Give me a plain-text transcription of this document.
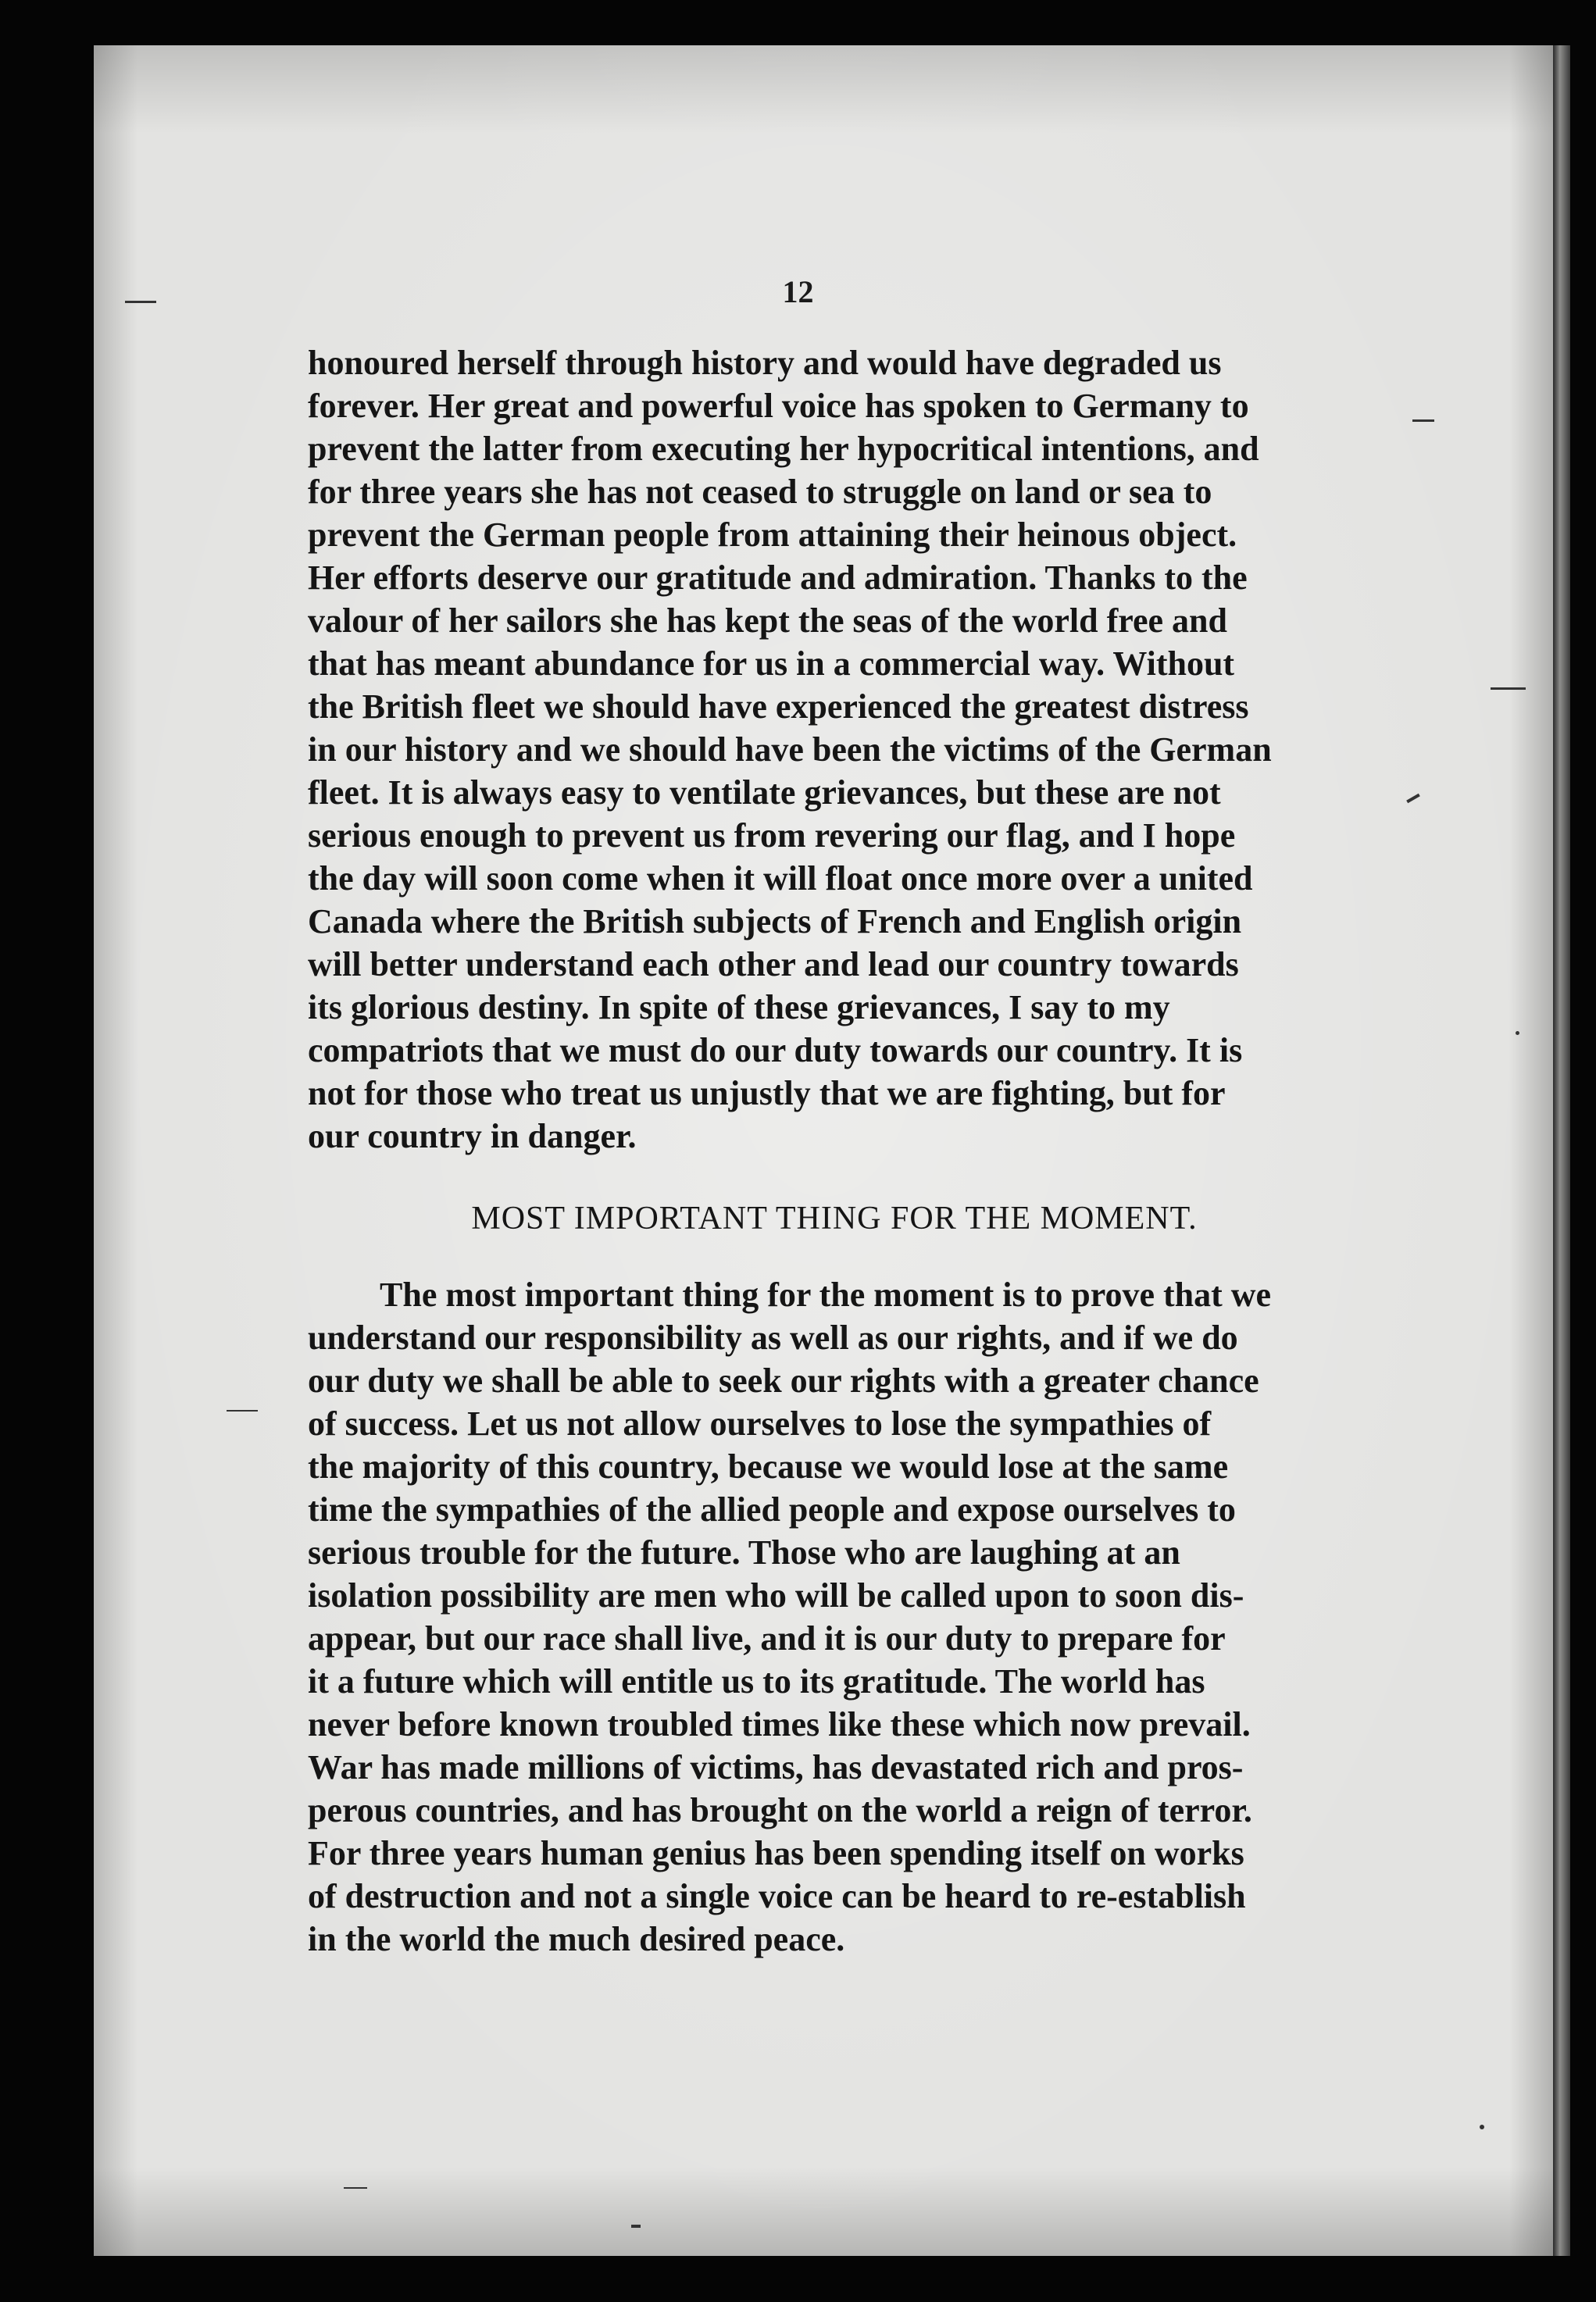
12
honoured herself through history and would have degraded us
forever. Her great and powerful voice has spoken to Germany to
prevent the latter from executing her hypocritical intentions, and
for three years she has not ceased to struggle on land or sea to
prevent the German people from attaining their heinous object.
Her efforts deserve our gratitude and admiration. Thanks to the
valour of her sailors she has kept the seas of the world free and
that has meant abundance for us in a commercial way. Without
the British fleet we should have experienced the greatest distress
in our history and we should have been the victims of the German
fleet. It is always easy to ventilate grievances, but these are not
serious enough to prevent us from revering our flag, and I hope
the day will soon come when it will float once more over a united
Canada where the British subjects of French and English origin
will better understand each other and lead our country towards
its glorious destiny. In spite of these grievances, I say to my
compatriots that we must do our duty towards our country. It is
not for those who treat us unjustly that we are fighting, but for
our country in danger.
MOST IMPORTANT THING FOR THE MOMENT.
The most important thing for the moment is to prove that we
understand our responsibility as well as our rights, and if we do
our duty we shall be able to seek our rights with a greater chance
of success. Let us not allow ourselves to lose the sympathies of
the majority of this country, because we would lose at the same
time the sympathies of the allied people and expose ourselves to
serious trouble for the future. Those who are laughing at an
isolation possibility are men who will be called upon to soon dis-
appear, but our race shall live, and it is our duty to prepare for
it a future which will entitle us to its gratitude. The world has
never before known troubled times like these which now prevail.
War has made millions of victims, has devastated rich and pros-
perous countries, and has brought on the world a reign of terror.
For three years human genius has been spending itself on works
of destruction and not a single voice can be heard to re-establish
in the world the much desired peace.
